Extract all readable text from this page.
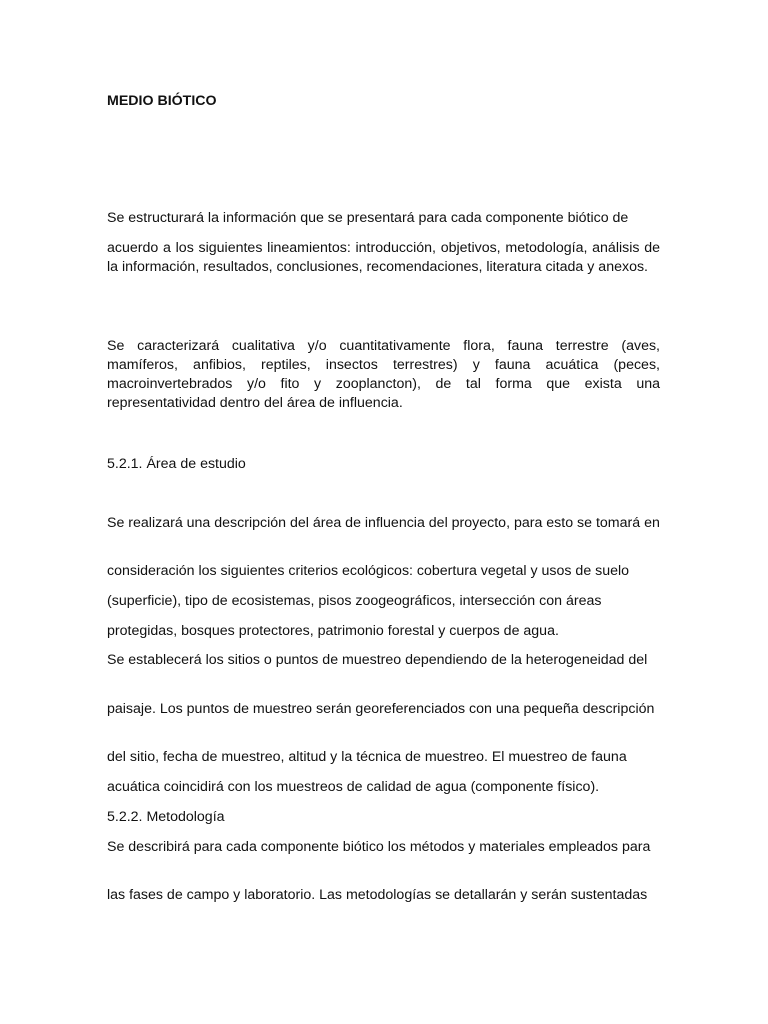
MEDIO BIÓTICO

Se estructurará la información que se presentará para cada componente biótico de

acuerdo a los siguientes lineamientos: introducción, objetivos, metodología, análisis de la información, resultados, conclusiones, recomendaciones, literatura citada y anexos.

Se caracterizará cualitativa y/o cuantitativamente flora, fauna terrestre (aves, mamíferos, anfibios, reptiles, insectos terrestres) y fauna acuática (peces, macroinvertebrados y/o fito y zooplancton), de tal forma que exista una representatividad dentro del área de influencia.

5.2.1. Área de estudio

Se realizará una descripción del área de influencia del proyecto, para esto se tomará en

consideración los siguientes criterios ecológicos: cobertura vegetal y usos de suelo

(superficie), tipo de ecosistemas, pisos zoogeográficos, intersección con áreas

protegidas, bosques protectores, patrimonio forestal y cuerpos de agua.

Se establecerá los sitios o puntos de muestreo dependiendo de la heterogeneidad del

paisaje. Los puntos de muestreo serán georeferenciados con una pequeña descripción

del sitio, fecha de muestreo, altitud y la técnica de muestreo. El muestreo de fauna

acuática coincidirá con los muestreos de calidad de agua (componente físico).

5.2.2. Metodología

Se describirá para cada componente biótico los métodos y materiales empleados para

las fases de campo y laboratorio. Las metodologías se detallarán y serán sustentadas
